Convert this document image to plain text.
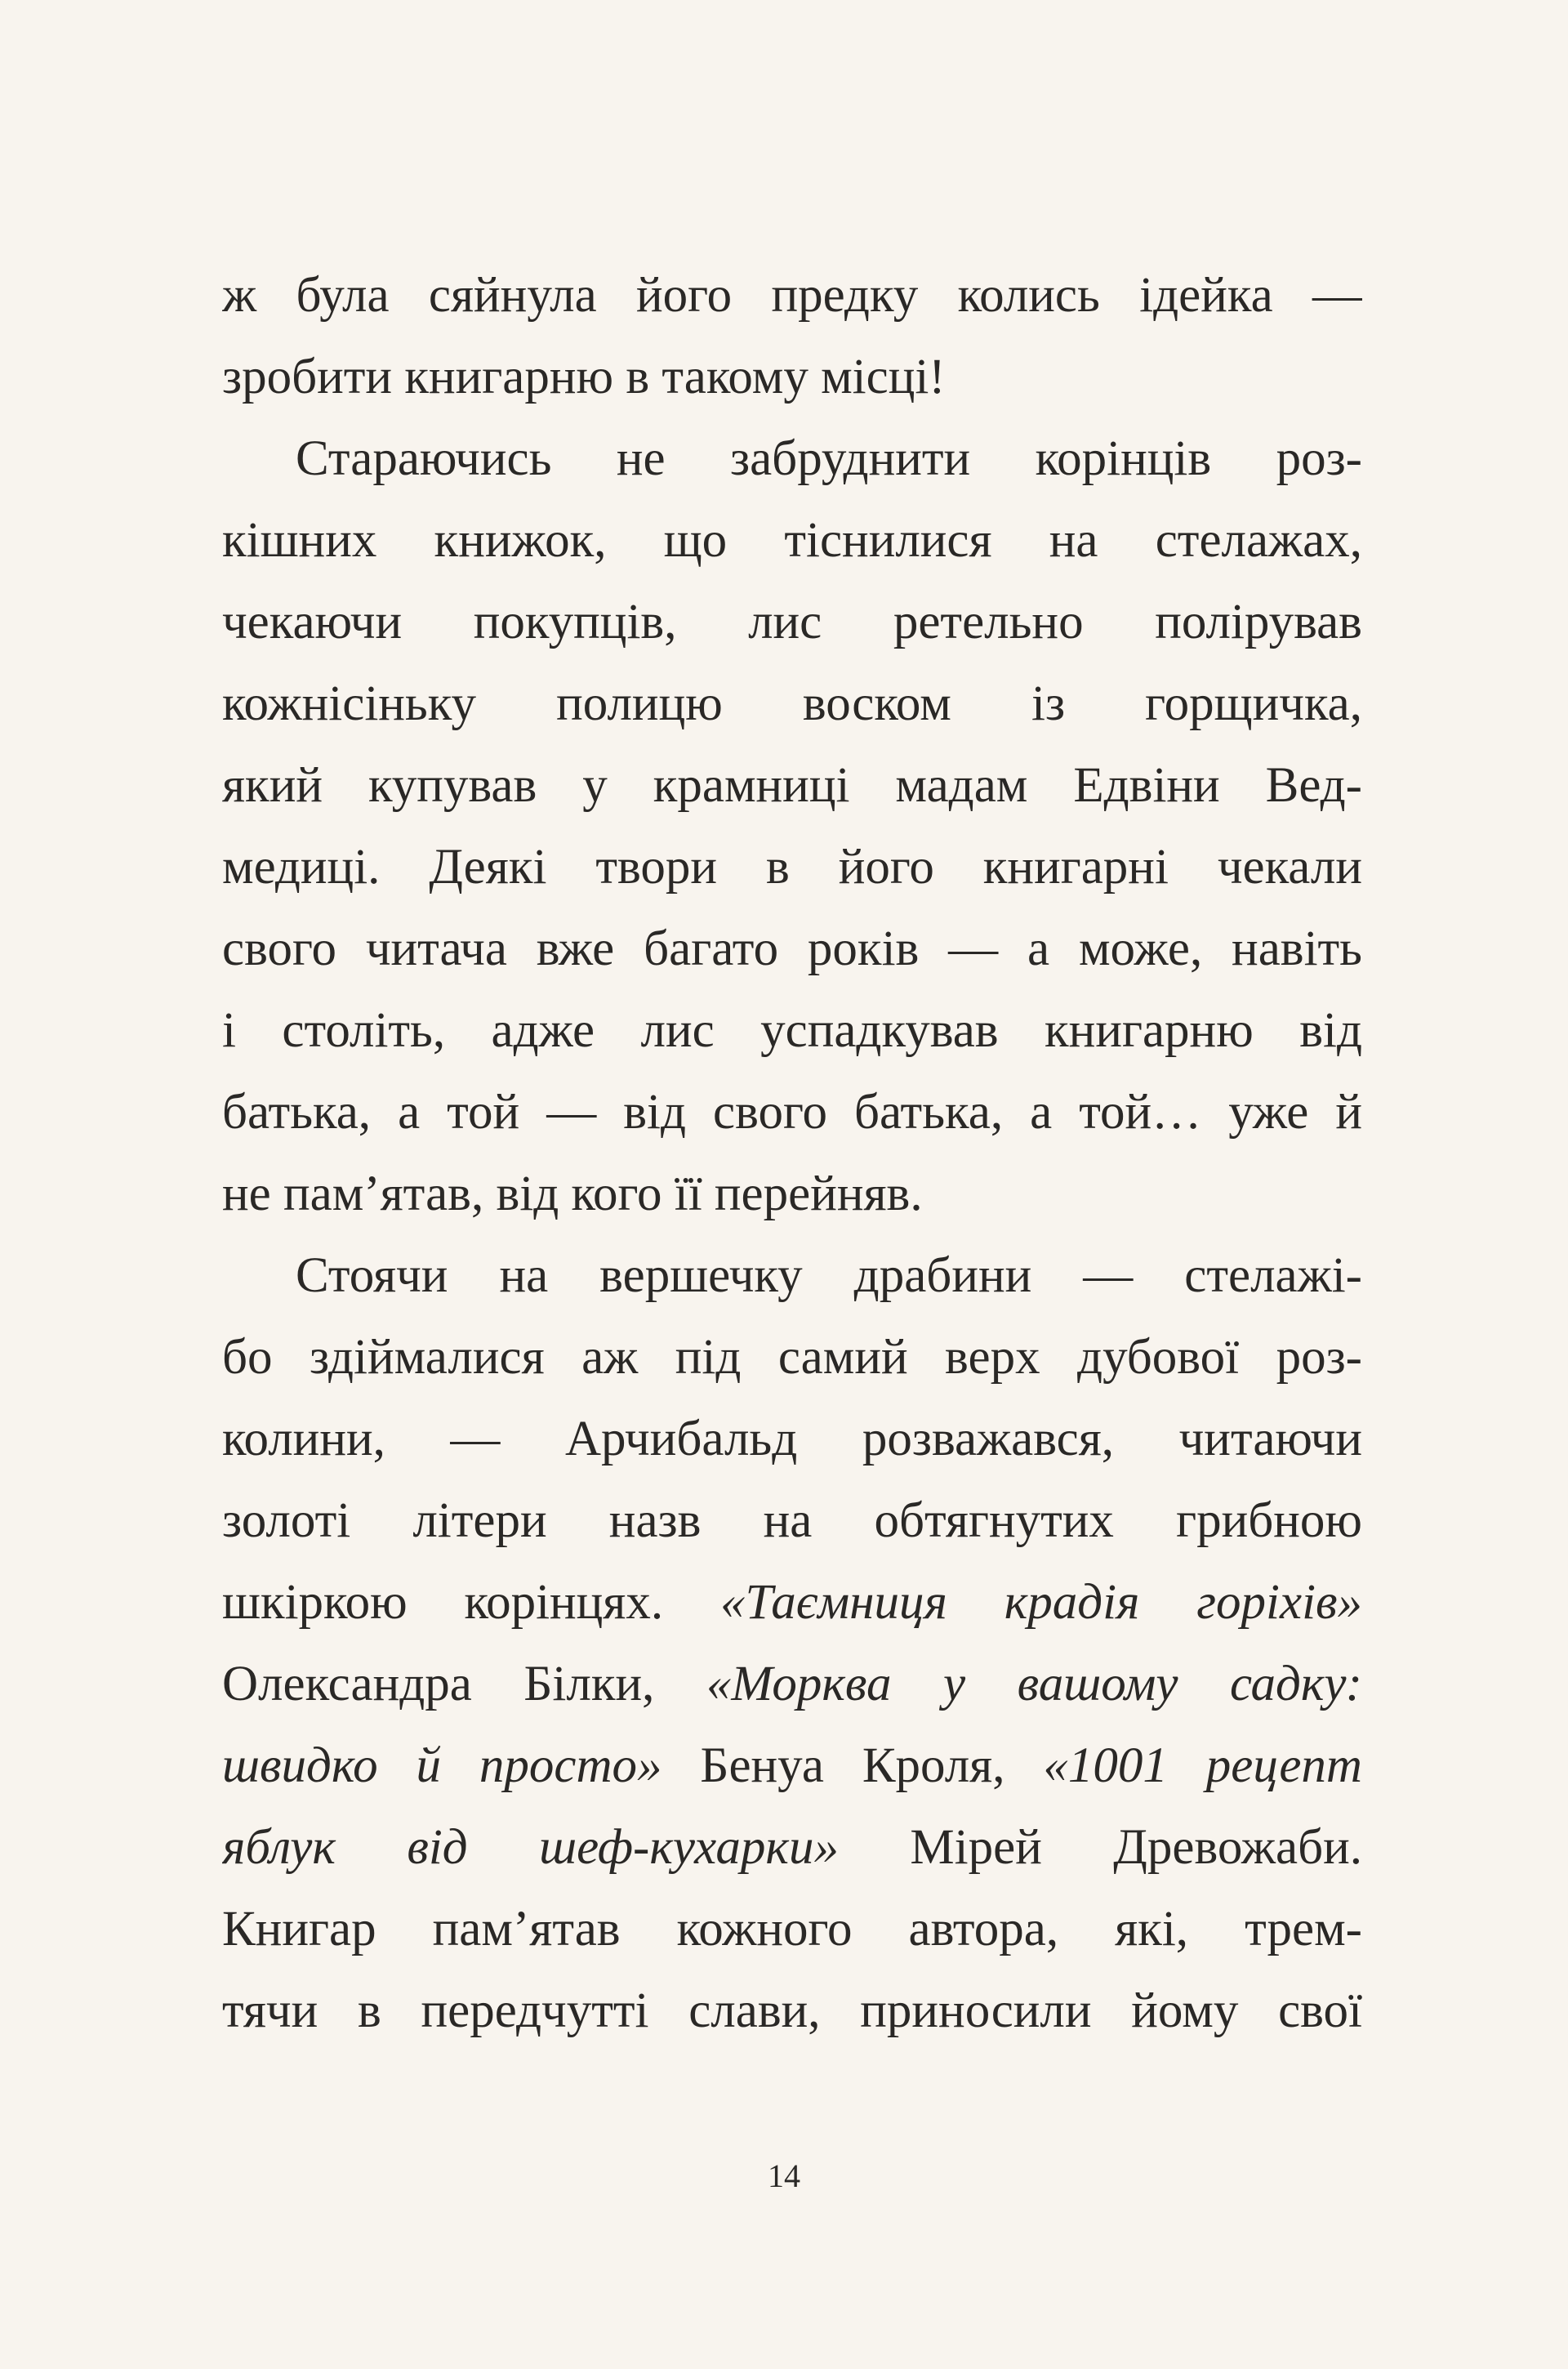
ж була сяйнула його предку колись ідейка —
зробити книгарню в такому місці!
Стараючись не забруднити корінців роз-
кішних книжок, що тіснилися на стелажах,
чекаючи покупців, лис ретельно полірував
кожнісіньку полицю воском із горщичка,
який купував у крамниці мадам Едвіни Вед-
медиці. Деякі твори в його книгарні чекали
свого читача вже багато років — а може, навіть
і століть, адже лис успадкував книгарню від
батька, а той — від свого батька, а той… уже й
не пам’ятав, від кого її перейняв.
Стоячи на вершечку драбини — стелажі-
бо здіймалися аж під самий верх дубової роз-
колини, — Арчибальд розважався, читаючи
золоті літери назв на обтягнутих грибною
шкіркою корінцях. «Таємниця крадія горіхів»
Олександра Білки, «Морква у вашому садку:
швидко й просто» Бенуа Кроля, «1001 рецепт
яблук від шеф-кухарки» Мірей Древожаби.
Книгар пам’ятав кожного автора, які, трем-
тячи в передчутті слави, приносили йому свої
14
